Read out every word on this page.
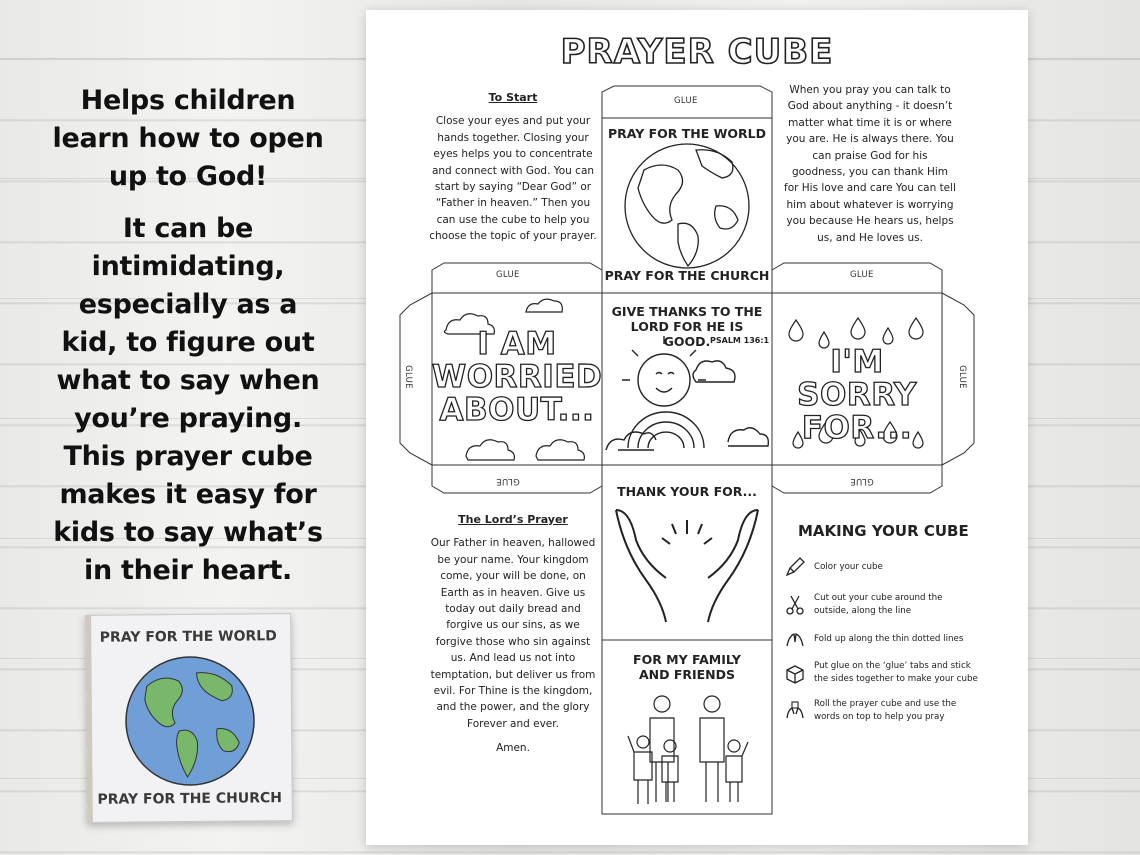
Helps children
learn how to open
up to God!

It can be
intimidating,
especially as a
kid, to figure out
what to say when
you’re praying.
This prayer cube
makes it easy for
kids to say what’s
in their heart.

PRAY FOR THE WORLD
PRAY FOR THE CHURCH
PRAYER CUBE
To Start
Close your eyes and put your hands together. Closing your eyes helps you to concentrate and connect with God. You can start by saying “Dear God” or “Father in heaven.” Then you can use the cube to help you choose the topic of your prayer.
When you pray you can talk to God about anything - it doesn’t matter what time it is or where you are. He is always there. You can praise God for his goodness, you can thank Him for His love and care You can tell him about whatever is worrying you because He hears us, helps us, and He loves us.
The Lord’s Prayer
Our Father in heaven, hallowed be your name. Your kingdom come, your will be done, on Earth as in heaven. Give us today out daily bread and forgive us our sins, as we forgive those who sin against us. And lead us not into temptation, but deliver us from evil. For Thine is the kingdom, and the power, and the glory Forever and ever.
Amen.
GLUE
GLUE	GLUE
GLUE	GLUE
GLUE	GLUE
PRAY FOR THE WORLD
PRAY FOR THE CHURCH
GIVE THANKS TO THE LORD FOR HE IS GOOD. PSALM 136:1
THANK YOUR FOR...
FOR MY FAMILY AND FRIENDS
I AM
WORRIED
ABOUT...
I'M SORRY
FOR...
MAKING YOUR CUBE
Color your cube
Cut out your cube around the outside, along the line
Fold up along the thin dotted lines
Put glue on the ‘glue’ tabs and stick the sides together to make your cube
Roll the prayer cube and use the words on top to help you pray
